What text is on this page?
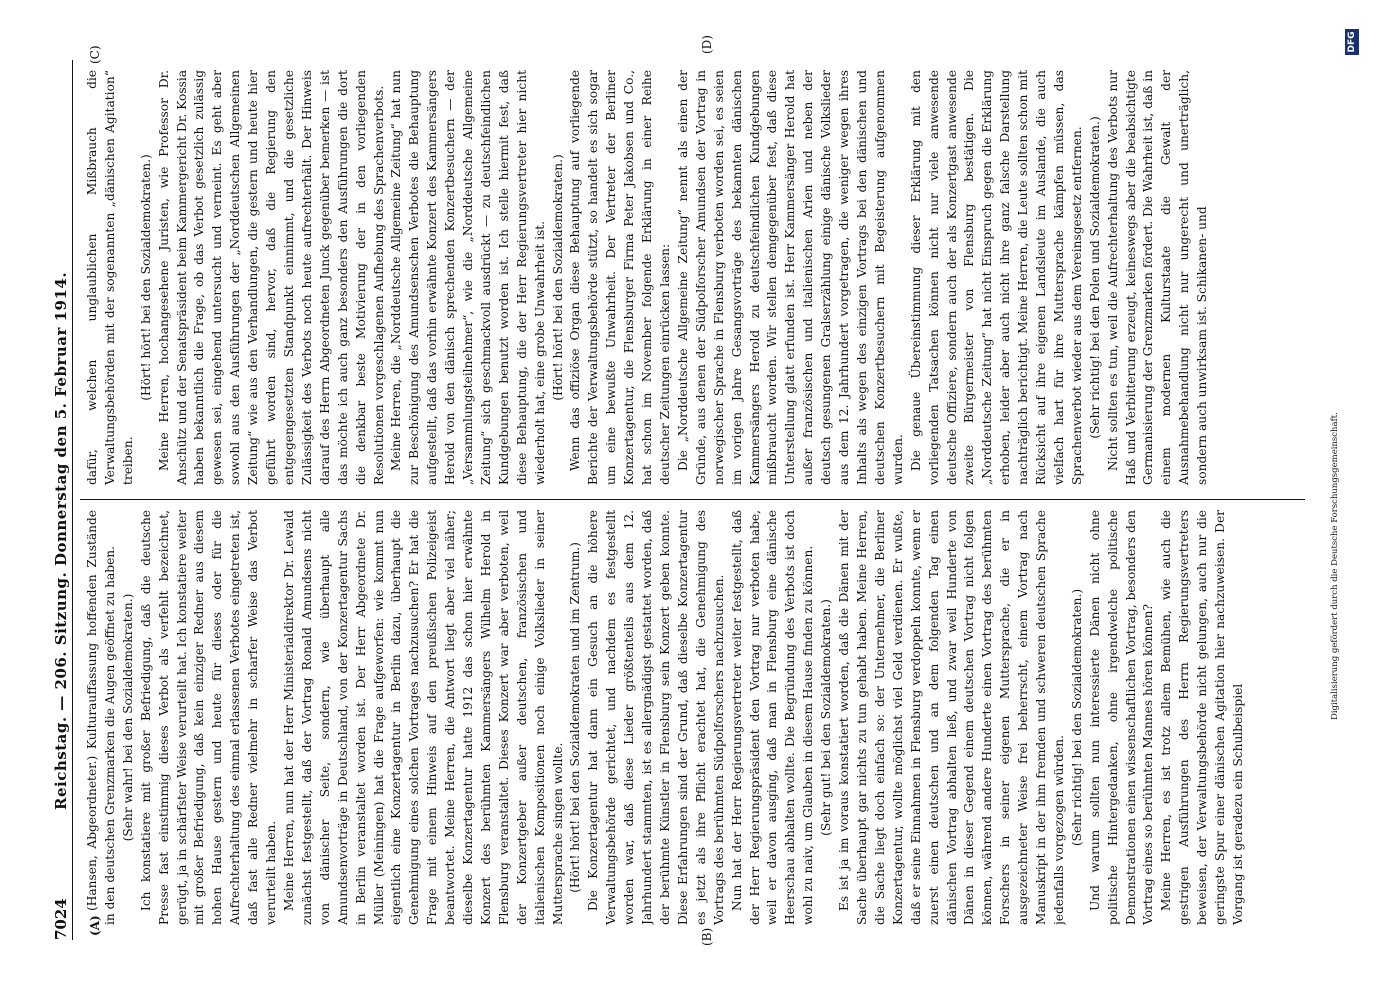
7024
Reichstag. — 206. Sitzung. Donnerstag den 5. Februar 1914.
(A)
(B)
(C)
(D)

(Hansen, Abgeordneter.) Kulturauffassung hoffenden Zustände in den deutschen Grenzmarken die Augen geöffnet zu haben. (Sehr wahr! bei den Sozialdemokraten.) Ich konstatiere mit großer Befriedigung, daß die deutsche Presse fast einstimmig dieses Verbot als verfehlt bezeichnet, gerügt, ja in schärfster Weise verurteilt hat. Ich konstatiere weiter mit großer Befriedigung, daß kein einziger Redner aus diesem hohen Hause gestern und heute für dieses oder für die Aufrechterhaltung des einmal erlassenen Verbotes eingetreten ist, daß fast alle Redner vielmehr in scharfer Weise das Verbot verurteilt haben. Meine Herren, nun hat der Herr Ministerialdirektor Dr. Lewald zunächst festgestellt, daß der Vortrag Ronald Amundsens nicht von dänischer Seite, sondern, wie überhaupt alle Amundsenvorträge in Deutschland, von der Konzertagentur Sachs in Berlin veranstaltet worden ist. Der Herr Abgeordnete Dr. Müller (Meiningen) hat die Frage aufgeworfen: wie kommt nun eigentlich eine Konzertagentur in Berlin dazu, überhaupt die Genehmigung eines solchen Vortrages nachzusuchen? Er hat die Frage mit einem Hinweis auf den preußischen Polizeigeist beantwortet. Meine Herren, die Antwort liegt aber viel näher; dieselbe Konzertagentur hatte 1912 das schon hier erwähnte Konzert des berühmten Kammersängers Wilhelm Herold in Flensburg veranstaltet. Dieses Konzert war aber verboten, weil der Konzertgeber außer deutschen, französischen und italienischen Kompositionen noch einige Volkslieder in seiner Muttersprache singen wollte. (Hört! hört! bei den Sozialdemokraten und im Zentrum.) Die Konzertagentur hat dann ein Gesuch an die höhere Verwaltungsbehörde gerichtet, und nachdem es festgestellt worden war, daß diese Lieder größtenteils aus dem 12. Jahrhundert stammten, ist es allergnädigst gestattet worden, daß der berühmte Künstler in Flensburg sein Konzert geben konnte. Diese Erfahrungen sind der Grund, daß dieselbe Konzertagentur es jetzt als ihre Pflicht erachtet hat, die Genehmigung des Vortrags des berühmten Südpolforschers nachzusuchen. Nun hat der Herr Regierungsvertreter weiter festgestellt, daß der Herr Regierungspräsident den Vortrag nur verboten habe, weil er davon ausging, daß man in Flensburg eine dänische Heerschau abhalten wollte. Die Begründung des Verbots ist doch wohl zu naiv, um Glauben in diesem Hause finden zu können. (Sehr gut! bei den Sozialdemokraten.) Es ist ja im voraus konstatiert worden, daß die Dänen mit der Sache überhaupt gar nichts zu tun gehabt haben. Meine Herren, die Sache liegt doch einfach so: der Unternehmer, die Berliner Konzertagentur, wollte möglichst viel Geld verdienen. Er wußte, daß er seine Einnahmen in Flensburg verdoppeln konnte, wenn er zuerst einen deutschen und an dem folgenden Tag einen dänischen Vortrag abhalten ließ, und zwar weil Hunderte von Dänen in dieser Gegend einem deutschen Vortrag nicht folgen können, während andere Hunderte einen Vortrag des berühmten Forschers in seiner eigenen Muttersprache, die er in ausgezeichneter Weise frei beherrscht, einem Vortrag nach Manuskript in der ihm fremden und schweren deutschen Sprache jedenfalls vorgezogen würden. (Sehr richtig! bei den Sozialdemokraten.) Und warum sollten nun interessierte Dänen nicht ohne politische Hintergedanken, ohne irgendwelche politische Demonstrationen einen wissenschaftlichen Vortrag, besonders den Vortrag eines so berühmten Mannes hören können? Meine Herren, es ist trotz allem Bemühen, wie auch die gestrigen Ausführungen des Herrn Regierungsvertreters beweisen, der Verwaltungsbehörde nicht gelungen, auch nur die geringste Spur einer dänischen Agitation hier nachzuweisen. Der Vorgang ist geradezu ein Schulbeispiel

dafür, welchen unglaublichen Mißbrauch die Verwaltungsbehörden mit der sogenannten „dänischen Agitation“ treiben.

(Hört! hört! bei den Sozialdemokraten.) Meine Herren, hochangesehene Juristen, wie Professor Dr. Anschütz und der Senatspräsident beim Kammergericht Dr. Kossia haben bekanntlich die Frage, ob das Verbot gesetzlich zulässig gewesen sei, eingehend untersucht und verneint. Es geht aber sowohl aus den Ausführungen der „Norddeutschen Allgemeinen Zeitung“ wie aus den Verhandlungen, die gestern und heute hier geführt worden sind, hervor, daß die Regierung den entgegengesetzten Standpunkt einnimmt, und die gesetzliche Zulässigkeit des Verbots noch heute aufrechterhält. Der Hinweis darauf des Herrn Abgeordneten Junck gegenüber bemerken — ist das möchte ich auch ganz besonders den Ausführungen die dort die denkbar beste Motivierung der in den vorliegenden Resolutionen vorgeschlagenen Aufhebung des Sprachenverbots. Meine Herren, die „Norddeutsche Allgemeine Zeitung“ hat nun zur Beschönigung des Amundsenschen Verbotes die Behauptung aufgestellt, daß das vorhin erwähnte Konzert des Kammersängers Herold von den dänisch sprechenden Konzertbesuchern — der „Versammlungsteilnehmer“, wie die „Norddeutsche Allgemeine Zeitung“ sich geschmackvoll ausdrückt — zu deutschfeindlichen Kundgebungen benutzt worden ist. Ich stelle hiermit fest, daß diese Behauptung, die der Herr Regierungsvertreter hier nicht wiederholt hat, eine grobe Unwahrheit ist. (Hört! hört! bei den Sozialdemokraten.) Wenn das offiziöse Organ diese Behauptung auf vorliegende Berichte der Verwaltungsbehörde stützt, so handelt es sich sogar um eine bewußte Unwahrheit. Der Vertreter der Berliner Konzertagentur, die Flensburger Firma Peter Jakobsen und Co., hat schon im November folgende Erklärung in einer Reihe deutscher Zeitungen einrücken lassen: Die „Norddeutsche Allgemeine Zeitung“ nennt als einen der Gründe, aus denen der Südpolforscher Amundsen der Vortrag in norwegischer Sprache in Flensburg verboten worden sei, es seien im vorigen Jahre Gesangsvorträge des bekannten dänischen Kammersängers Herold zu deutschfeindlichen Kundgebungen mißbraucht worden. Wir stellen demgegenüber fest, daß diese Unterstellung glatt erfunden ist. Herr Kammersänger Herold hat außer französischen und italienischen Arien und neben der deutsch gesungenen Gralserzählung einige dänische Volkslieder aus dem 12. Jahrhundert vorgetragen, die weniger wegen ihres Inhalts als wegen des einzigen Vortrags bei den dänischen und deutschen Konzertbesuchern mit Begeisterung aufgenommen wurden. Die genaue Übereinstimmung dieser Erklärung mit den vorliegenden Tatsachen können nicht nur viele anwesende deutsche Offiziere, sondern auch der als Konzertgast anwesende zweite Bürgermeister von Flensburg bestätigen. Die „Norddeutsche Zeitung“ hat nicht Einspruch gegen die Erklärung erhoben, leider aber auch nicht ihre ganz falsche Darstellung nachträglich berichtigt. Meine Herren, die Leute sollten schon mit Rücksicht auf ihre eigenen Landsleute im Auslande, die auch vielfach hart für ihre Muttersprache kämpfen müssen, das Sprachenverbot wieder aus dem Vereinsgesetz entfernen. (Sehr richtig! bei den Polen und Sozialdemokraten.) Nicht sollten es tun, weil die Aufrechterhaltung des Verbots nur Haß und Verbitterung erzeugt, keineswegs aber die beabsichtigte Germanisierung der Grenzmarken fördert. Die Wahrheit ist, daß in einem modernen Kulturstaate die Gewalt der Ausnahmebehandlung nicht nur ungerecht und unerträglich, sondern auch unwirksam ist. Schikanen- und

Digitalisierung gefördert durch die Deutsche Forschungsgemeinschaft.
DFG
